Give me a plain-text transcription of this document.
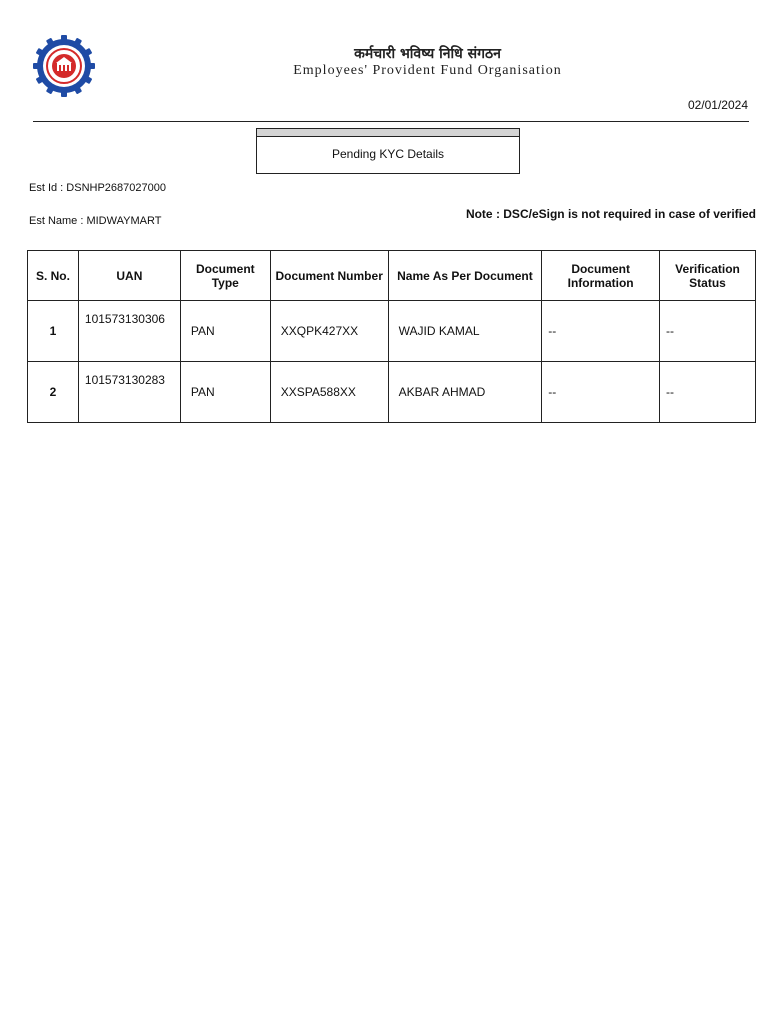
कर्मचारी भविष्य निधि संगठन
Employees' Provident Fund Organisation
02/01/2024
Pending KYC Details
Est Id : DSNHP2687027000
Est Name : MIDWAYMART	Note : DSC/eSign is not required in case of verified
S. No.	UAN	Document Type	Document Number	Name As Per Document	Document Information	Verification Status
1	101573130306	PAN	XXQPK427XX	WAJID KAMAL	--	--
2	101573130283	PAN	XXSPA588XX	AKBAR AHMAD	--	--
